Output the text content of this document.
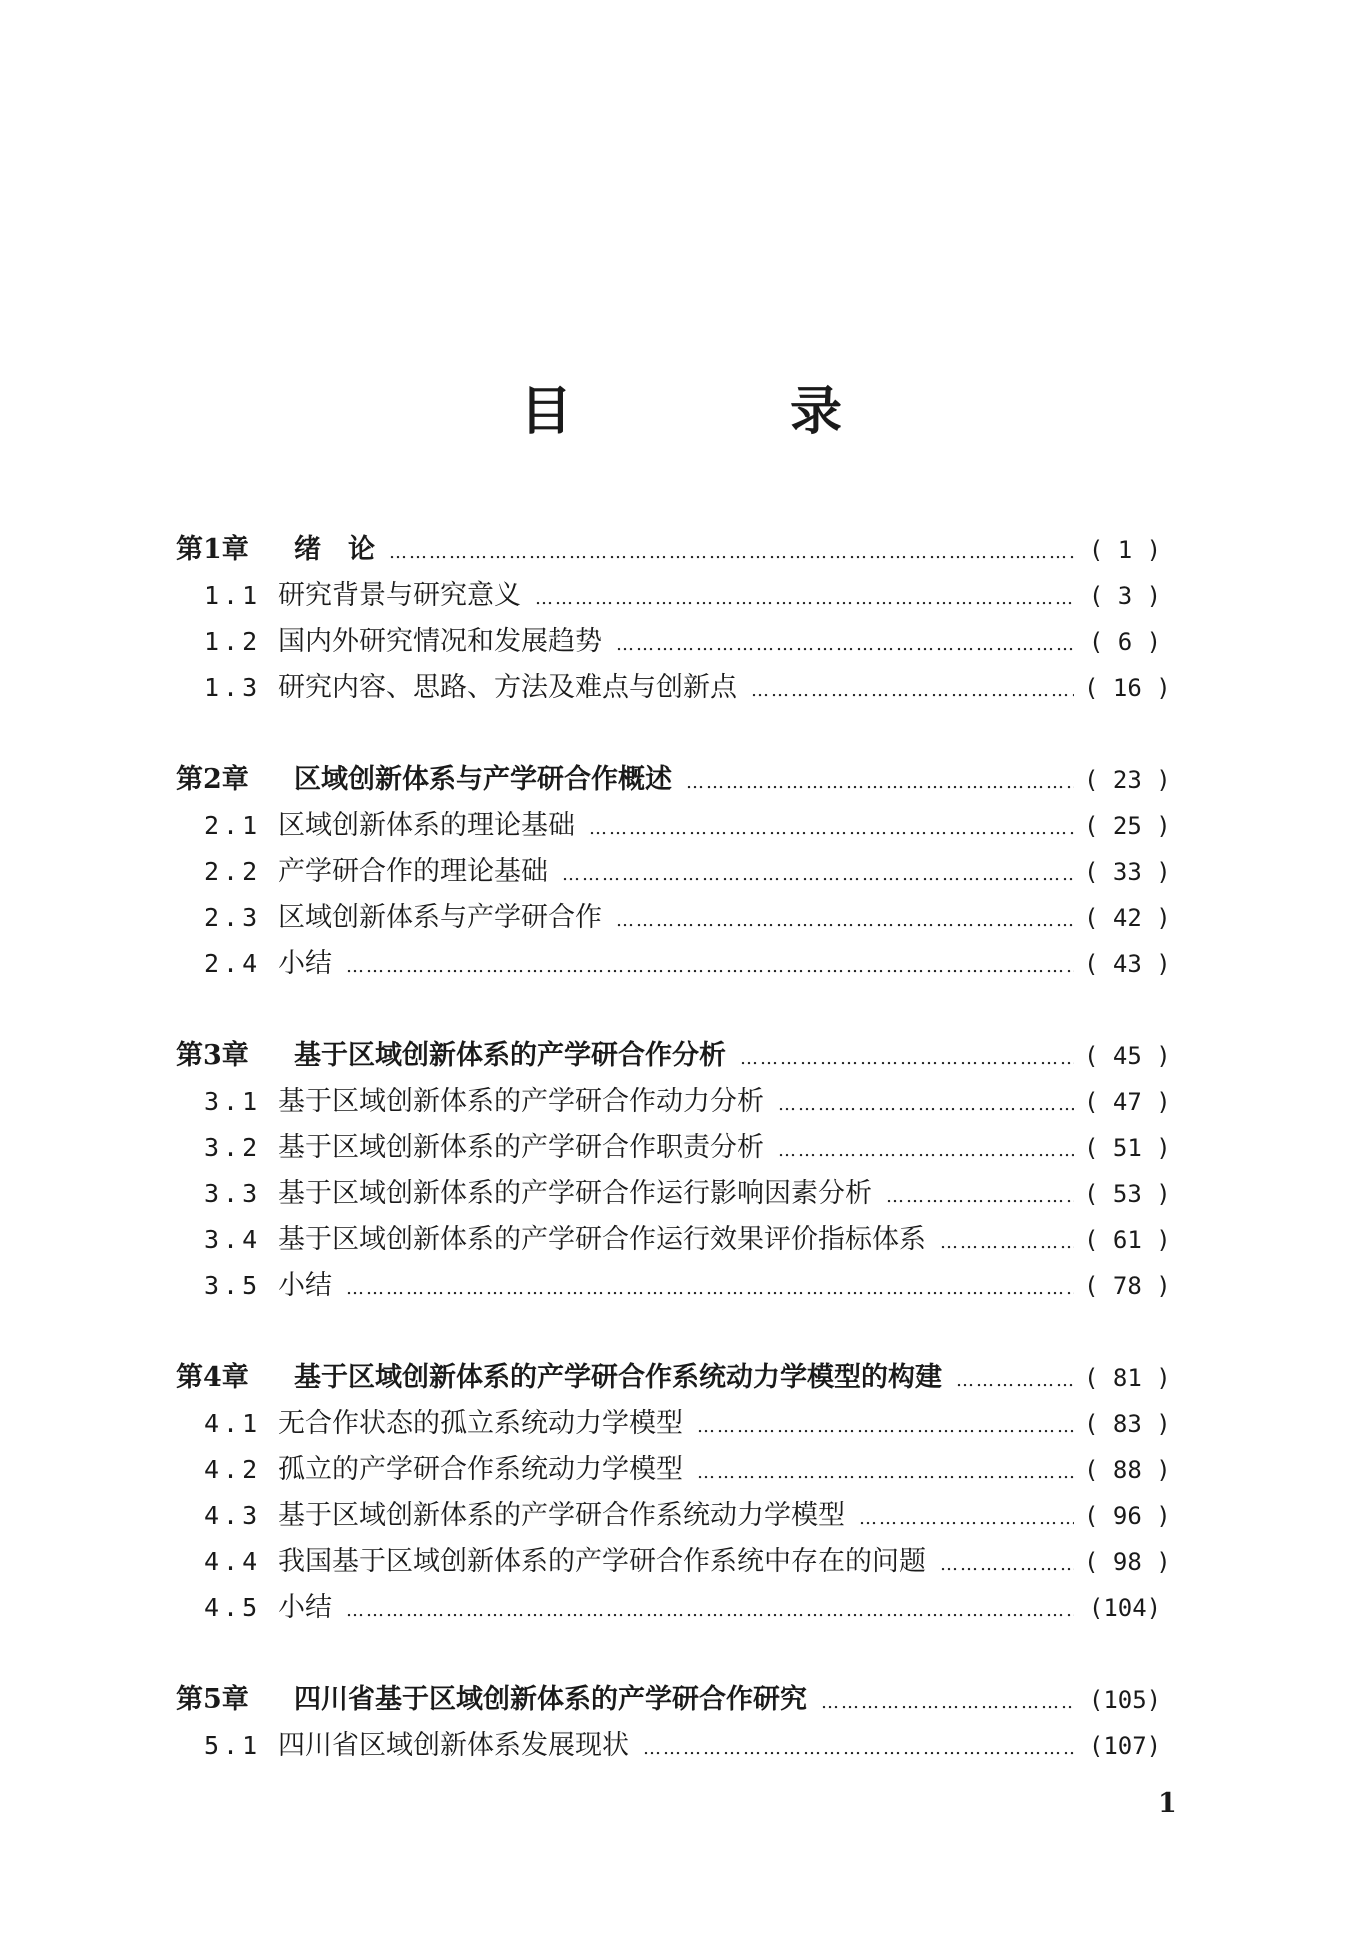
目 录
第1章	绪　论 …………………………………………………………………………………………………………………………………………………………………………………………………………	( 1 )
1.1 研究背景与研究意义 …………………………………………………………………………………………………………………………………………………………………………………………………………	( 3 )
1.2 国内外研究情况和发展趋势 …………………………………………………………………………………………………………………………………………………………………………………………………………	( 6 )
1.3 研究内容、思路、方法及难点与创新点 …………………………………………………………………………………………………………………………………………………………………………………………………………	( 16 )
第2章	区域创新体系与产学研合作概述 …………………………………………………………………………………………………………………………………………………………………………………………………………	( 23 )
2.1 区域创新体系的理论基础 …………………………………………………………………………………………………………………………………………………………………………………………………………	( 25 )
2.2 产学研合作的理论基础 …………………………………………………………………………………………………………………………………………………………………………………………………………	( 33 )
2.3 区域创新体系与产学研合作 …………………………………………………………………………………………………………………………………………………………………………………………………………	( 42 )
2.4 小结 …………………………………………………………………………………………………………………………………………………………………………………………………………	( 43 )
第3章	基于区域创新体系的产学研合作分析 …………………………………………………………………………………………………………………………………………………………………………………………………………	( 45 )
3.1 基于区域创新体系的产学研合作动力分析 …………………………………………………………………………………………………………………………………………………………………………………………………………	( 47 )
3.2 基于区域创新体系的产学研合作职责分析 …………………………………………………………………………………………………………………………………………………………………………………………………………	( 51 )
3.3 基于区域创新体系的产学研合作运行影响因素分析 …………………………………………………………………………………………………………………………………………………………………………………………………………	( 53 )
3.4 基于区域创新体系的产学研合作运行效果评价指标体系 …………………………………………………………………………………………………………………………………………………………………………………………………………	( 61 )
3.5 小结 …………………………………………………………………………………………………………………………………………………………………………………………………………	( 78 )
第4章	基于区域创新体系的产学研合作系统动力学模型的构建 …………………………………………………………………………………………………………………………………………………………………………………………………………	( 81 )
4.1 无合作状态的孤立系统动力学模型 …………………………………………………………………………………………………………………………………………………………………………………………………………	( 83 )
4.2 孤立的产学研合作系统动力学模型 …………………………………………………………………………………………………………………………………………………………………………………………………………	( 88 )
4.3 基于区域创新体系的产学研合作系统动力学模型 …………………………………………………………………………………………………………………………………………………………………………………………………………	( 96 )
4.4 我国基于区域创新体系的产学研合作系统中存在的问题 …………………………………………………………………………………………………………………………………………………………………………………………………………	( 98 )
4.5 小结 …………………………………………………………………………………………………………………………………………………………………………………………………………	(104)
第5章	四川省基于区域创新体系的产学研合作研究 …………………………………………………………………………………………………………………………………………………………………………………………………………	(105)
5.1 四川省区域创新体系发展现状 …………………………………………………………………………………………………………………………………………………………………………………………………………	(107)
1
